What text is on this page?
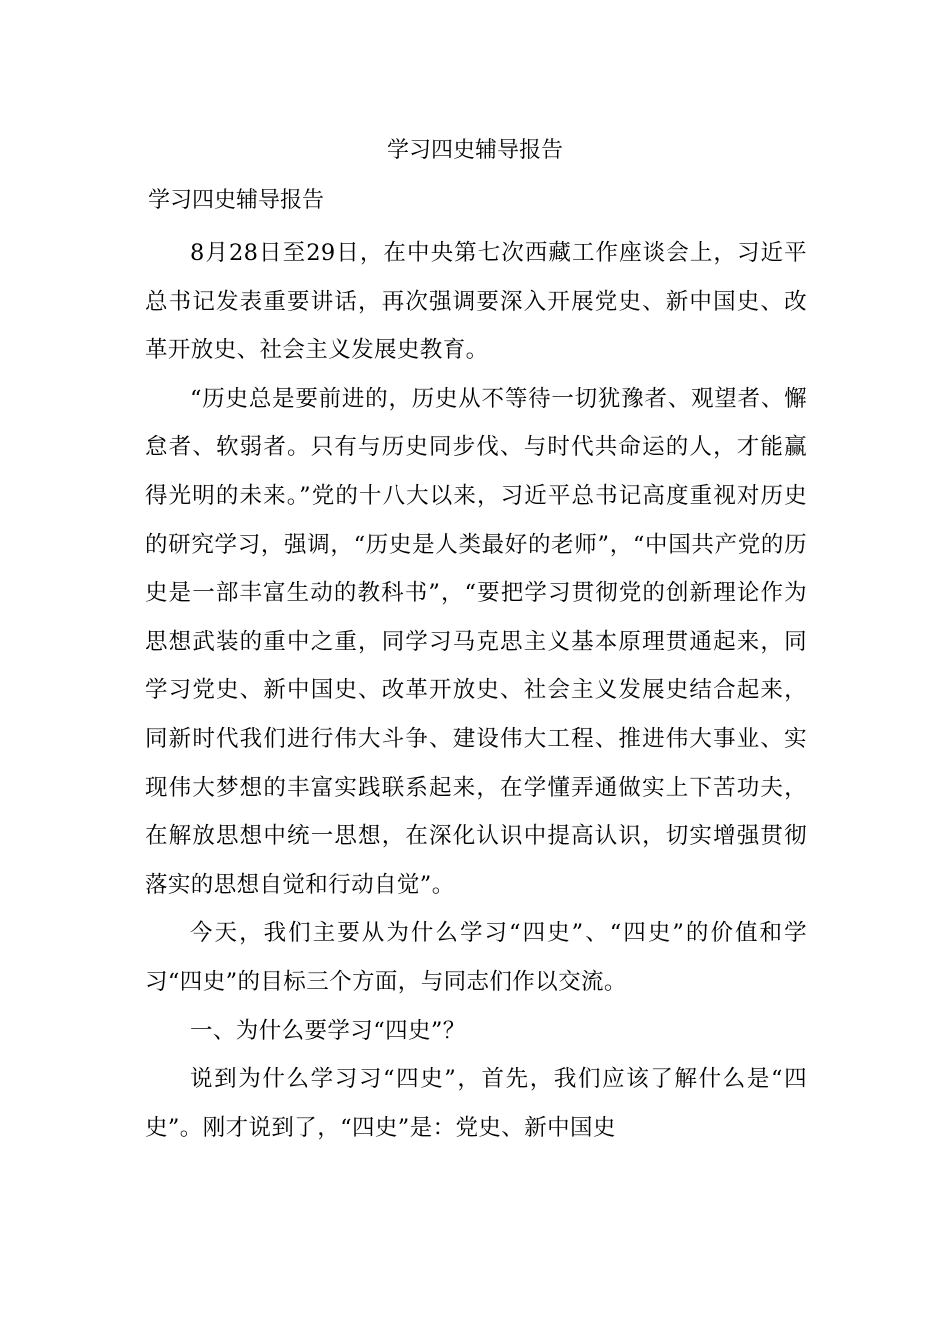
学习四史辅导报告
学习四史辅导报告

8月28日至29日，在中央第七次西藏工作座谈会上，习近平总书记发表重要讲话，再次强调要深入开展党史、新中国史、改革开放史、社会主义发展史教育。

“历史总是要前进的，历史从不等待一切犹豫者、观望者、懈怠者、软弱者。只有与历史同步伐、与时代共命运的人，才能赢得光明的未来。”党的十八大以来，习近平总书记高度重视对历史的研究学习，强调，“历史是人类最好的老师”，“中国共产党的历史是一部丰富生动的教科书”，“要把学习贯彻党的创新理论作为思想武装的重中之重，同学习马克思主义基本原理贯通起来，同学习党史、新中国史、改革开放史、社会主义发展史结合起来，同新时代我们进行伟大斗争、建设伟大工程、推进伟大事业、实现伟大梦想的丰富实践联系起来，在学懂弄通做实上下苦功夫，在解放思想中统一思想，在深化认识中提高认识，切实增强贯彻落实的思想自觉和行动自觉”。

今天，我们主要从为什么学习“四史”、“四史”的价值和学习“四史”的目标三个方面，与同志们作以交流。

一、为什么要学习“四史”？

说到为什么学习习“四史”，首先，我们应该了解什么是“四史”。刚才说到了，“四史”是：党史、新中国史
